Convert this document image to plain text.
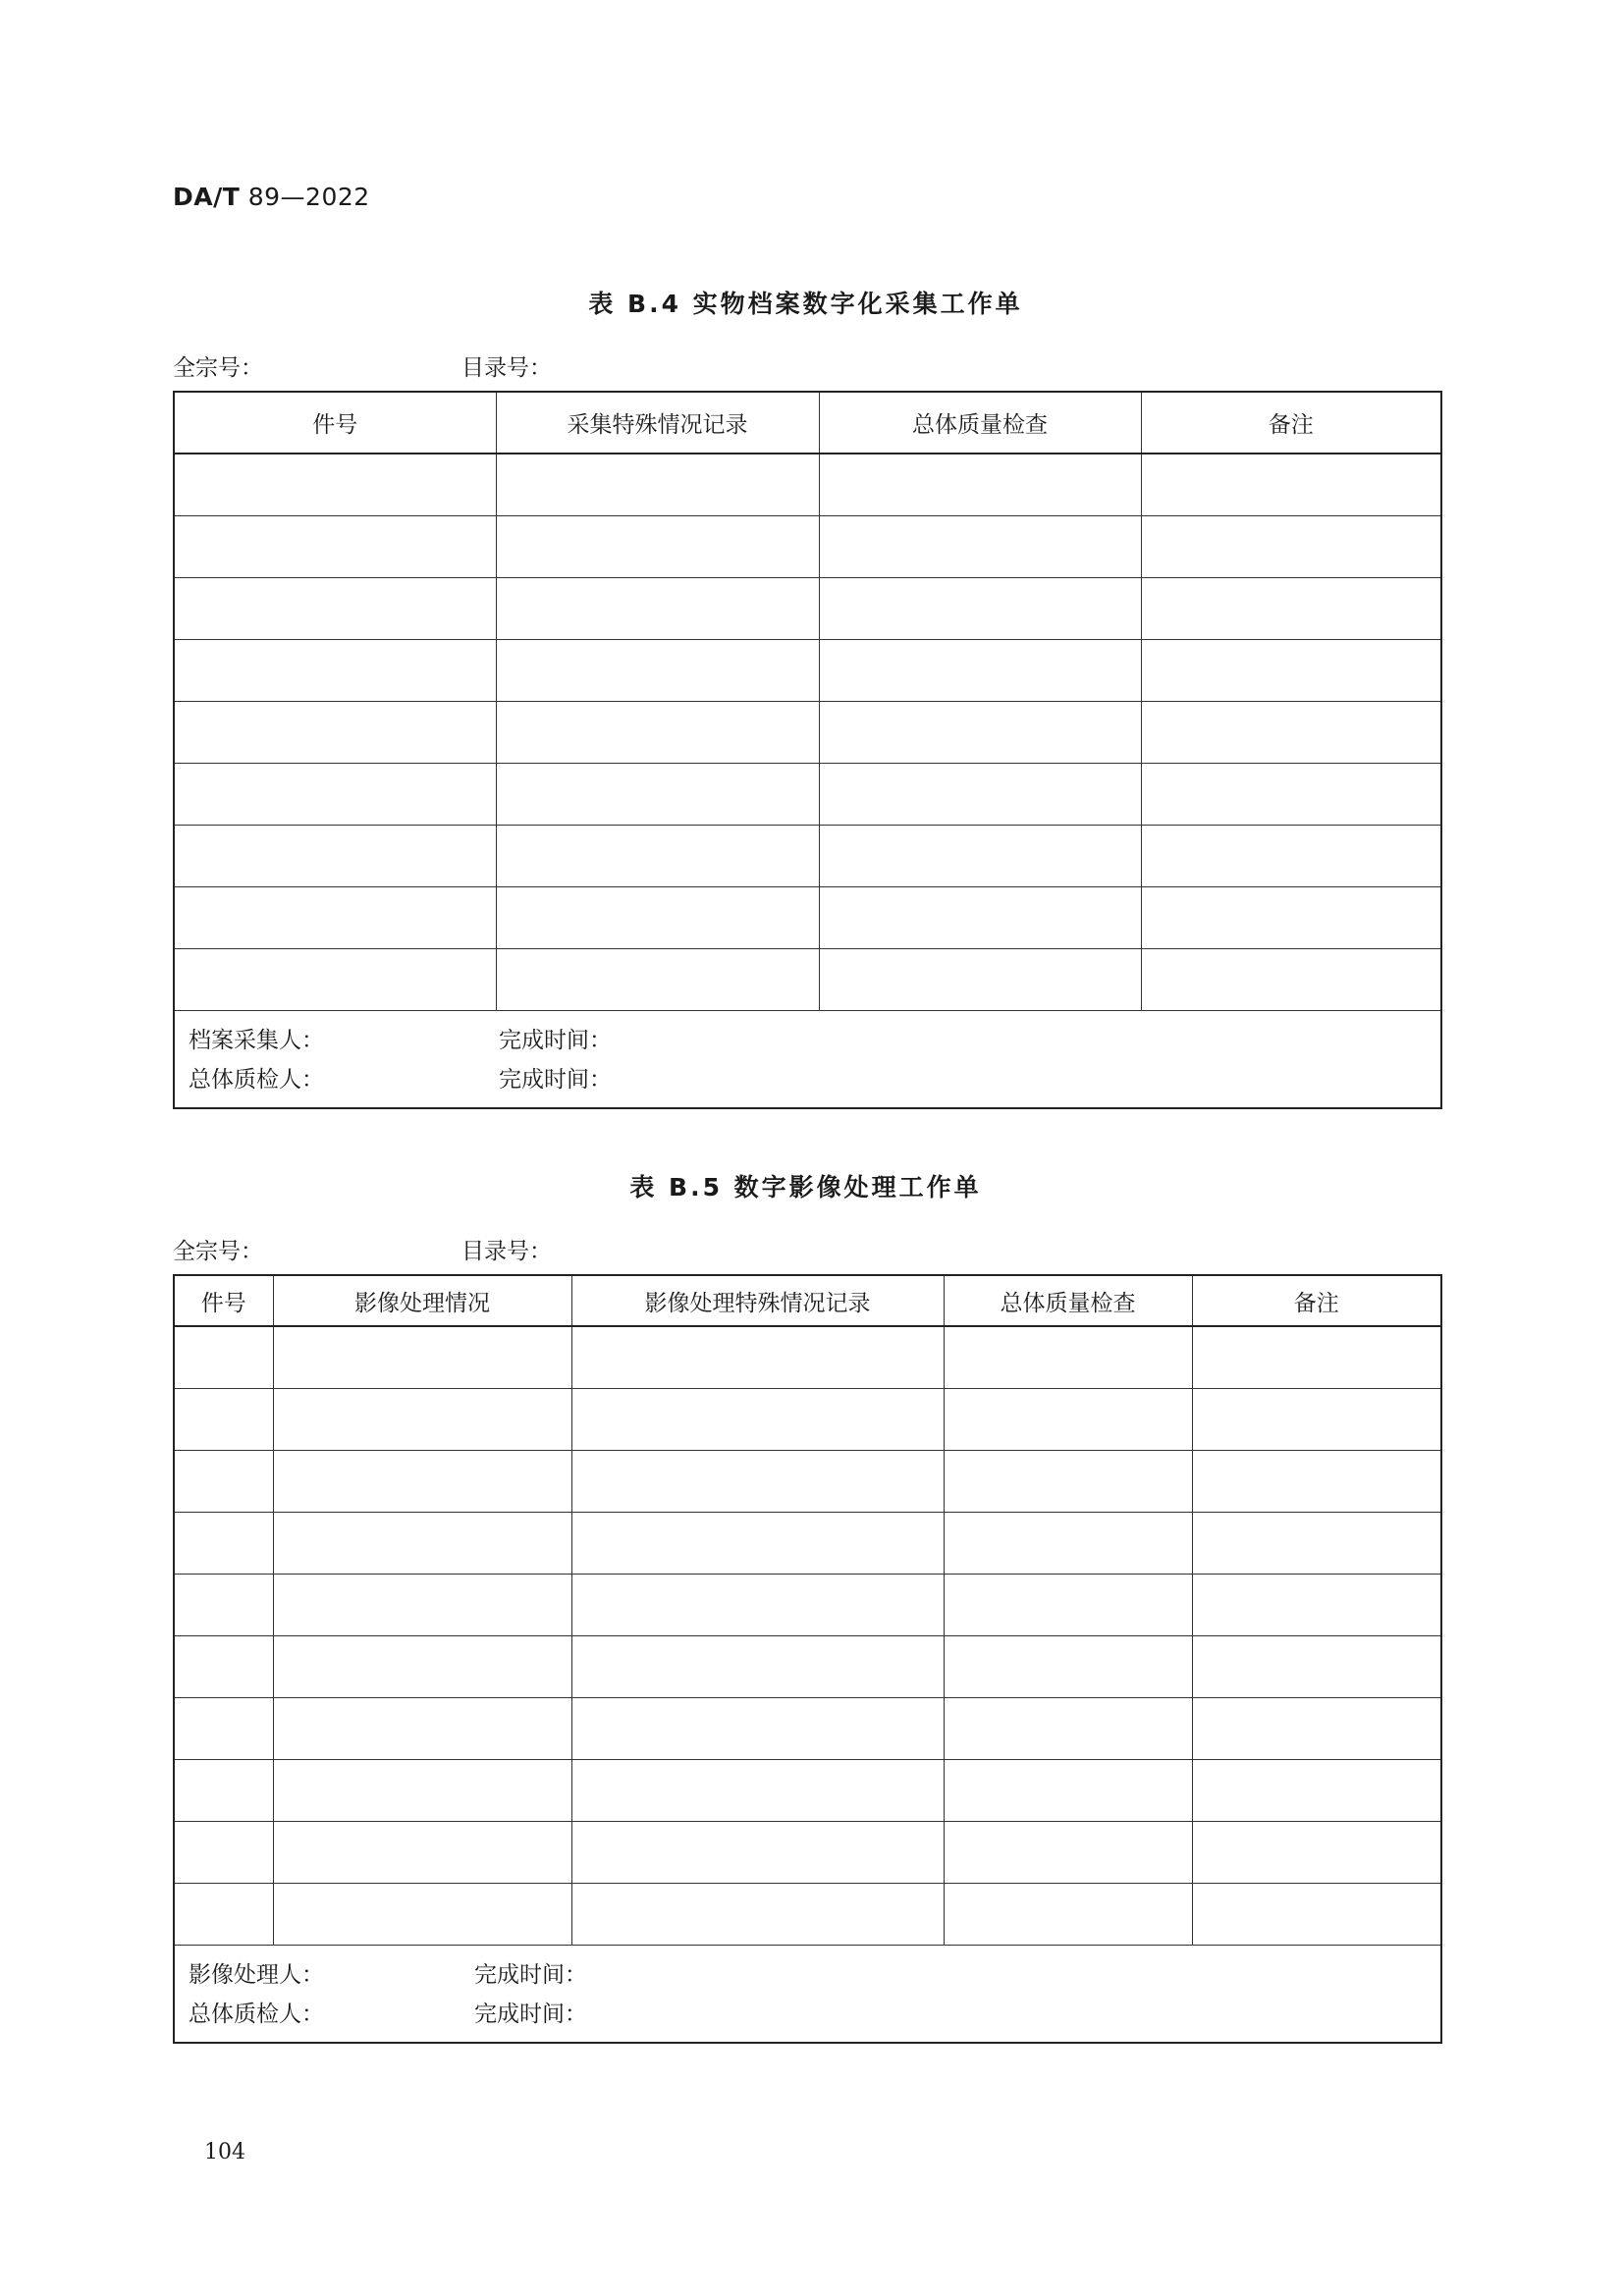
DA/T 89—2022
表 B.4 实物档案数字化采集工作单
全宗号：	目录号：
件号	采集特殊情况记录	总体质量检查	备注

档案采集人： 完成时间：
总体质检人： 完成时间：			
表 B.5 数字影像处理工作单
全宗号：	目录号：
件号	影像处理情况	影像处理特殊情况记录	总体质量检查	备注

影像处理人： 完成时间：
总体质检人： 完成时间：				
104
